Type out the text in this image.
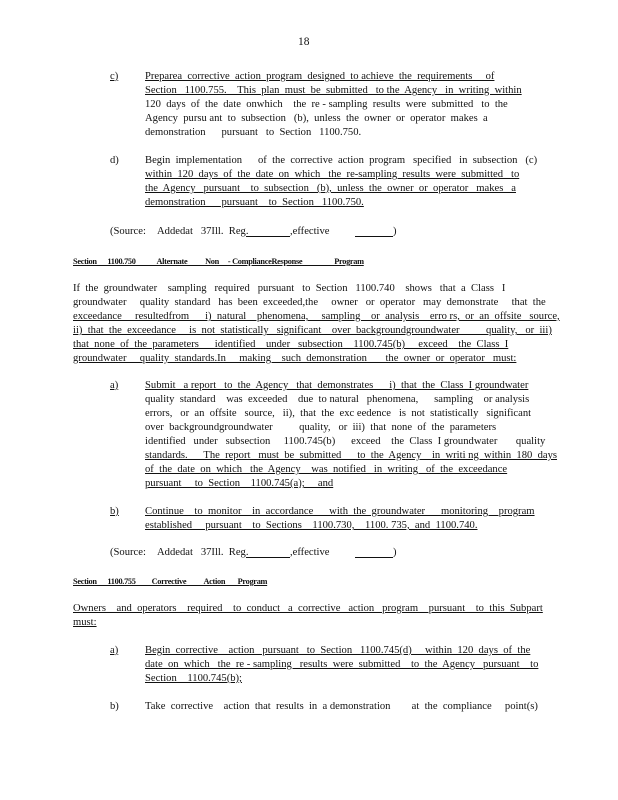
18
c)	Preparea  corrective  action  program  designed  to achieve  the  requirements     of
Section   1100.755.    This  plan  must  be  submitted   to the  Agency   in  writing  within
120  days  of  the  date  onwhich    the  re - sampling  results  were  submitted   to  the
Agency  pursu ant  to  subsection   (b),  unless  the  owner  or  operator  makes  a
demonstration      pursuant   to  Section   1100.750.
d) Begin  implementation      of  the  corrective  action  program   specified   in  subsection   (c)
within  120  days  of  the  date  on  which   the  re-sampling  results  were  submitted   to
the  Agency   pursuant    to  subsection   (b),  unless  the  owner  or  operator   makes   a
demonstration      pursuant    to  Section   1100.750.
(Source: Addedat   37Ill.  Reg.	,effective	)
Section      1100.750            Alternate          Non     - ComplianceResponse                  Program
If  the  groundwater    sampling   required   pursuant   to  Section   1100.740    shows   that  a  Class   I
groundwater     quality  standard   has  been  exceeded,the     owner   or  operator   may  demonstrate     that  the
exceedance     resultedfrom      i)  natural    phenomena,     sampling    or  analysis    erro rs,  or  an  offsite   source,
ii)  that  the  exceedance     is  not  statistically   significant    over  backgroundgroundwater          quality,   or  iii)
that  none  of  the  parameters      identified    under   subsection    1100.745(b)     exceed    the  Class  I
groundwater     quality  standards.In     making    such  demonstration       the  owner  or  operator   must:
a)	Submit   a report   to  the  Agency   that  demonstrates      i)  that  the  Class  I groundwater
quality  standard    was  exceeded    due  to natural   phenomena,      sampling    or analysis
errors,   or  an  offsite   source,   ii),  that  the  exc eedence   is  not  statistically   significant
over  backgroundgroundwater          quality,   or  iii)  that  none  of  the  parameters
identified   under   subsection     1100.745(b)      exceed    the  Class  I groundwater       quality
standards.      The  report   must  be  submitted      to  the  Agency    in  writi ng  within  180  days
of  the  date  on  which   the  Agency    was  notified   in  writing   of  the  exceedance
pursuant     to  Section    1100.745(a);     and
b) Continue    to  monitor    in  accordance      with  the  groundwater      monitoring    program
established     pursuant    to  Sections    1100.730,    1100. 735,  and  1100.740.
(Source: Addedat   37Ill.  Reg.	,effective	)
Section      1100.755         Corrective          Action       Program
Owners    and  operators    required    to  conduct   a  corrective   action   program    pursuant    to  this  Subpart
must:
a)	Begin  corrective    action   pursuant   to  Section   1100.745(d)     within  120  days  of  the
date  on  which   the  re - sampling   results  were  submitted    to  the  Agency   pursuant    to
Section    1100.745(b);
b) Take  corrective    action  that  results  in  a demonstration        at  the  compliance     point(s)
